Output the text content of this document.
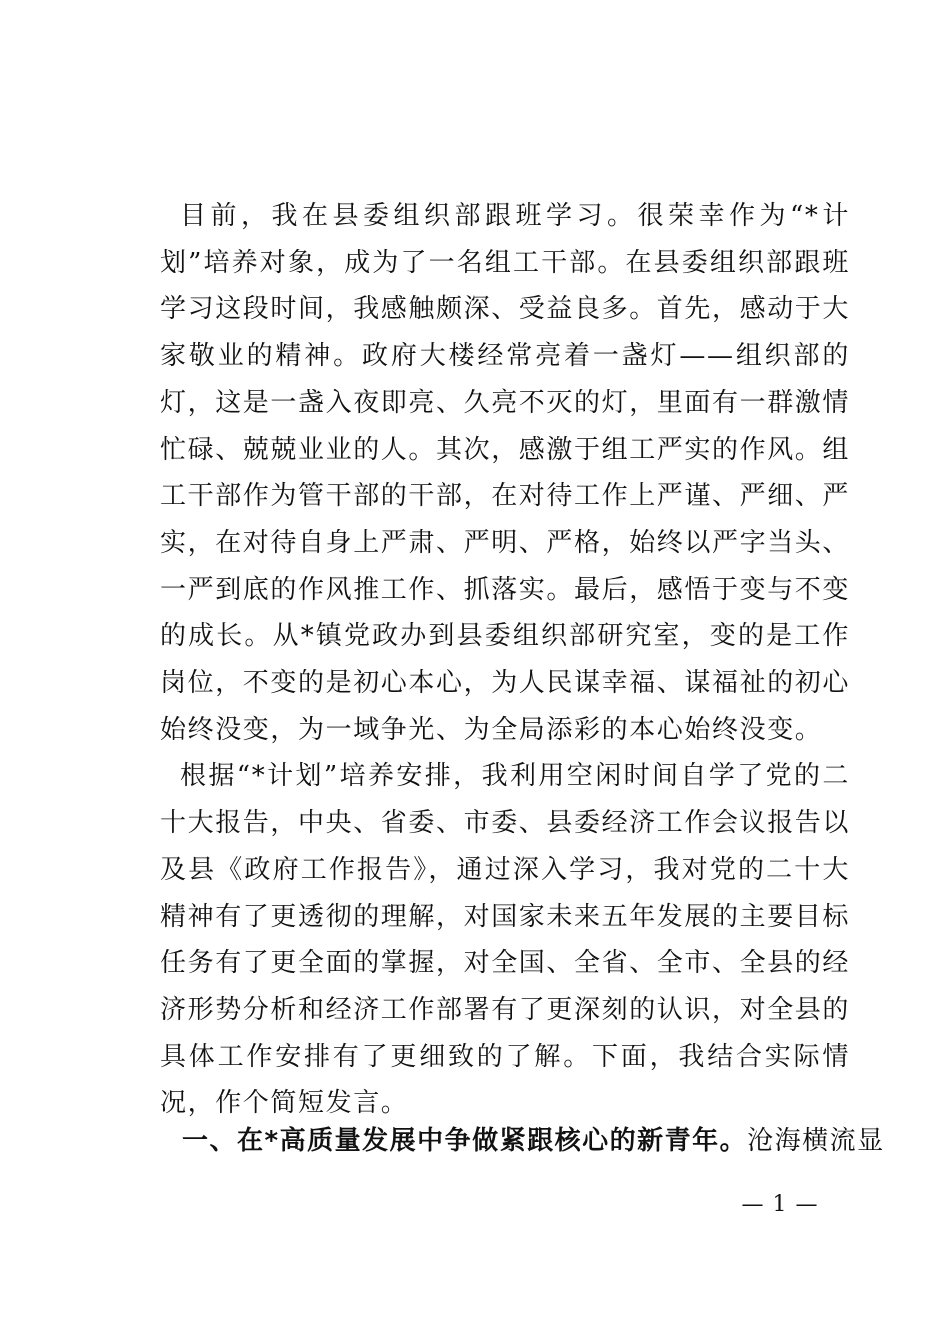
目前，我在县委组织部跟班学习。很荣幸作为“*计划”培养对象，成为了一名组工干部。在县委组织部跟班学习这段时间，我感触颇深、受益良多。首先，感动于大家敬业的精神。政府大楼经常亮着一盏灯——组织部的灯，这是一盏入夜即亮、久亮不灭的灯，里面有一群激情忙碌、兢兢业业的人。其次，感激于组工严实的作风。组工干部作为管干部的干部，在对待工作上严谨、严细、严实，在对待自身上严肃、严明、严格，始终以严字当头、一严到底的作风推工作、抓落实。最后，感悟于变与不变的成长。从*镇党政办到县委组织部研究室，变的是工作岗位，不变的是初心本心，为人民谋幸福、谋福祉的初心始终没变，为一域争光、为全局添彩的本心始终没变。

根据“*计划”培养安排，我利用空闲时间自学了党的二十大报告，中央、省委、市委、县委经济工作会议报告以及县《政府工作报告》，通过深入学习，我对党的二十大精神有了更透彻的理解，对国家未来五年发展的主要目标任务有了更全面的掌握，对全国、全省、全市、全县的经济形势分析和经济工作部署有了更深刻的认识，对全县的具体工作安排有了更细致的了解。下面，我结合实际情况，作个简短发言。

一、在*高质量发展中争做紧跟核心的新青年。沧海横流显
— 1 —
